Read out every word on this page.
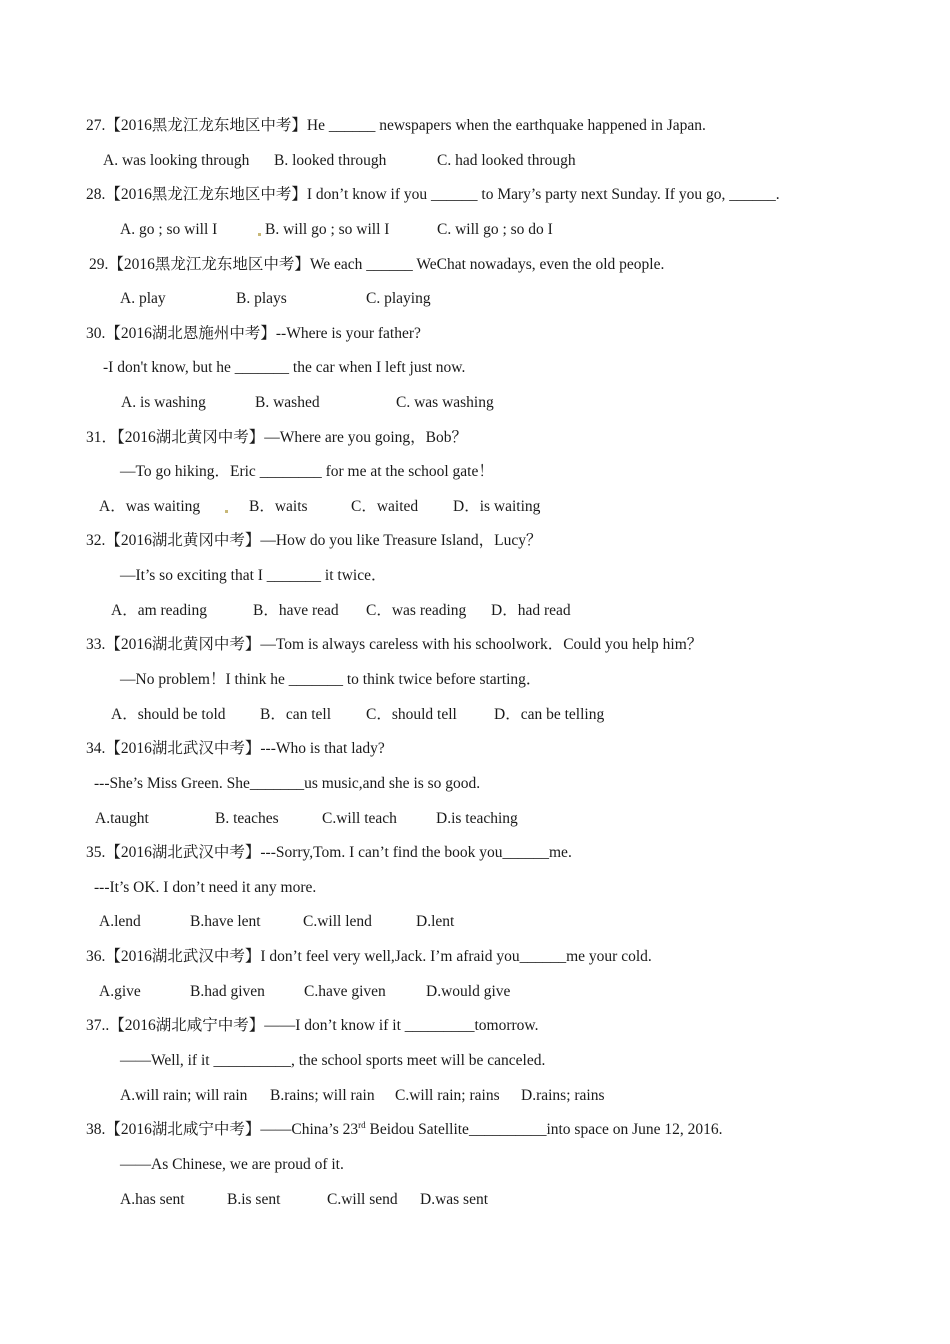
27.【2016黑龙江龙东地区中考】He ______ newspapers when the earthquake happened in Japan.

A. was looking through

B. looked through

	C. had looked through

28.【2016黑龙江龙东地区中考】I don’t know if you ______ to Mary’s party next Sunday. If you go, ______.

A. go ; so will I

	B. will go ; so will I

	C. will go ; so do I

29.【2016黑龙江龙东地区中考】We each ______ WeChat nowadays, even the old people.

A. play

	B. plays

	C. playing

30.【2016湖北恩施州中考】--Where is your father?
-I don't know, but he _______ the car when I left just now.

A. is washing

	B. washed

	C. was washing

31．【2016湖北黄冈中考】—Where are you going，Bob？
—To go hiking．Eric ________ for me at the school gate！

A．was waiting

	B．waits

	C．waited

D．is waiting

32.【2016湖北黄冈中考】—How do you like Treasure Island，Lucy？
—It’s so exciting that I _______ it twice．

A．am reading

	B．have read

C．was reading

D．had read

33.【2016湖北黄冈中考】—Tom is always careless with his schoolwork．Could you help him？
—No problem！I think he _______ to think twice before starting．

A．should be told

B．can tell

C．should tell

D．can be telling

34.【2016湖北武汉中考】---Who is that lady?
---She’s Miss Green. She_______us music,and she is so good.

A.taught

	B. teaches

	C.will teach

	D.is teaching

35.【2016湖北武汉中考】---Sorry,Tom. I can’t find the book you______me.
---It’s OK. I don’t need it any more.

A.lend

	B.have lent

	C.will lend

	D.lent

36.【2016湖北武汉中考】I don’t feel very well,Jack. I’m afraid you______me your cold.

A.give

	B.had given

	C.have given

	D.would give

37..【2016湖北咸宁中考】——I don’t know if it _________tomorrow.
——Well, if it __________, the school sports meet will be canceled.

A.will rain; will rain

B.rains; will rain

C.will rain; rains

D.rains; rains

38.【2016湖北咸宁中考】——China’s 23rd Beidou Satellite__________into space on June 12, 2016.
——As Chinese, we are proud of it.

A.has sent

	B.is sent

	C.will send

D.was sent
